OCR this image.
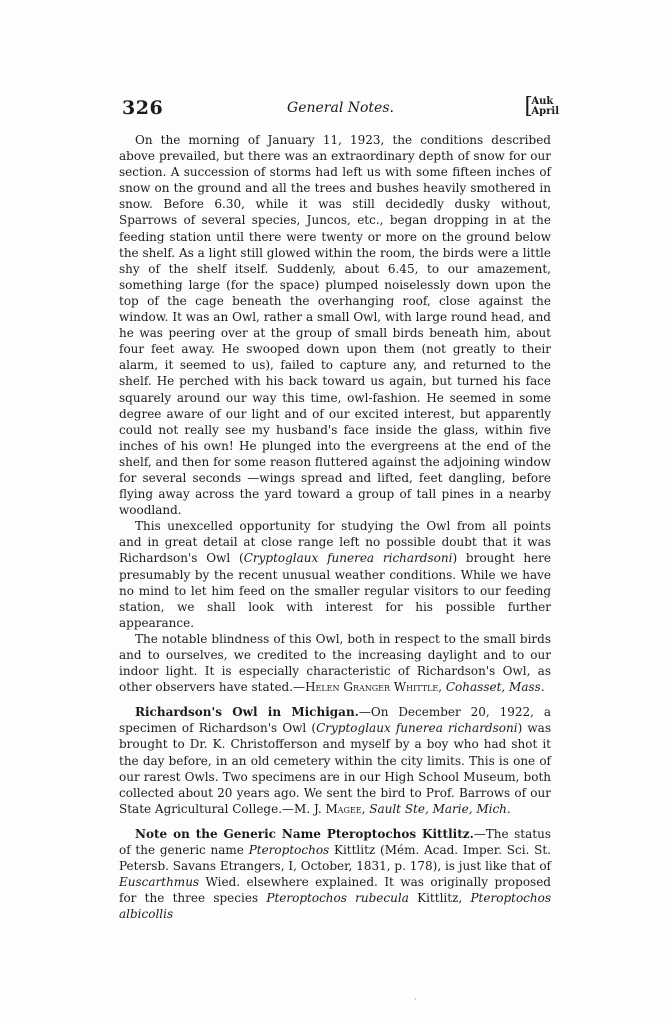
326	General Notes.	[
Auk
April

On the morning of January 11, 1923, the conditions described above prevailed, but there was an extraordinary depth of snow for our section. A succession of storms had left us with some fifteen inches of snow on the ground and all the trees and bushes heavily smothered in snow. Before 6.30, while it was still decidedly dusky without, Sparrows of several species, Juncos, etc., began dropping in at the feeding station until there were twenty or more on the ground below the shelf. As a light still glowed within the room, the birds were a little shy of the shelf itself. Suddenly, about 6.45, to our amazement, something large (for the space) plumped noiselessly down upon the top of the cage beneath the overhanging roof, close against the window. It was an Owl, rather a small Owl, with large round head, and he was peering over at the group of small birds beneath him, about four feet away. He swooped down upon them (not greatly to their alarm, it seemed to us), failed to capture any, and returned to the shelf. He perched with his back toward us again, but turned his face squarely around our way this time, owl-fashion. He seemed in some degree aware of our light and of our excited interest, but apparently could not really see my husband's face inside the glass, within five inches of his own! He plunged into the evergreens at the end of the shelf, and then for some reason fluttered against the adjoining window for several seconds —wings spread and lifted, feet dangling, before flying away across the yard toward a group of tall pines in a nearby woodland.

This unexcelled opportunity for studying the Owl from all points and in great detail at close range left no possible doubt that it was Richardson's Owl (Cryptoglaux funerea richardsoni) brought here presumably by the recent unusual weather conditions. While we have no mind to let him feed on the smaller regular visitors to our feeding station, we shall look with interest for his possible further appearance.

The notable blindness of this Owl, both in respect to the small birds and to ourselves, we credited to the increasing daylight and to our indoor light. It is especially characteristic of Richardson's Owl, as other observers have stated.—Helen Granger Whittle, Cohasset, Mass.

Richardson's Owl in Michigan.—On December 20, 1922, a specimen of Richardson's Owl (Cryptoglaux funerea richardsoni) was brought to Dr. K. Christofferson and myself by a boy who had shot it the day before, in an old cemetery within the city limits. This is one of our rarest Owls. Two specimens are in our High School Museum, both collected about 20 years ago. We sent the bird to Prof. Barrows of our State Agricultural College.—M. J. Magee, Sault Ste, Marie, Mich.

Note on the Generic Name Pteroptochos Kittlitz.—The status of the generic name Pteroptochos Kittlitz (Mém. Acad. Imper. Sci. St. Petersb. Savans Etrangers, I, October, 1831, p. 178), is just like that of Euscarthmus Wied. elsewhere explained. It was originally proposed for the three species Pteroptochos rubecula Kittlitz, Pteroptochos albicollis

·
